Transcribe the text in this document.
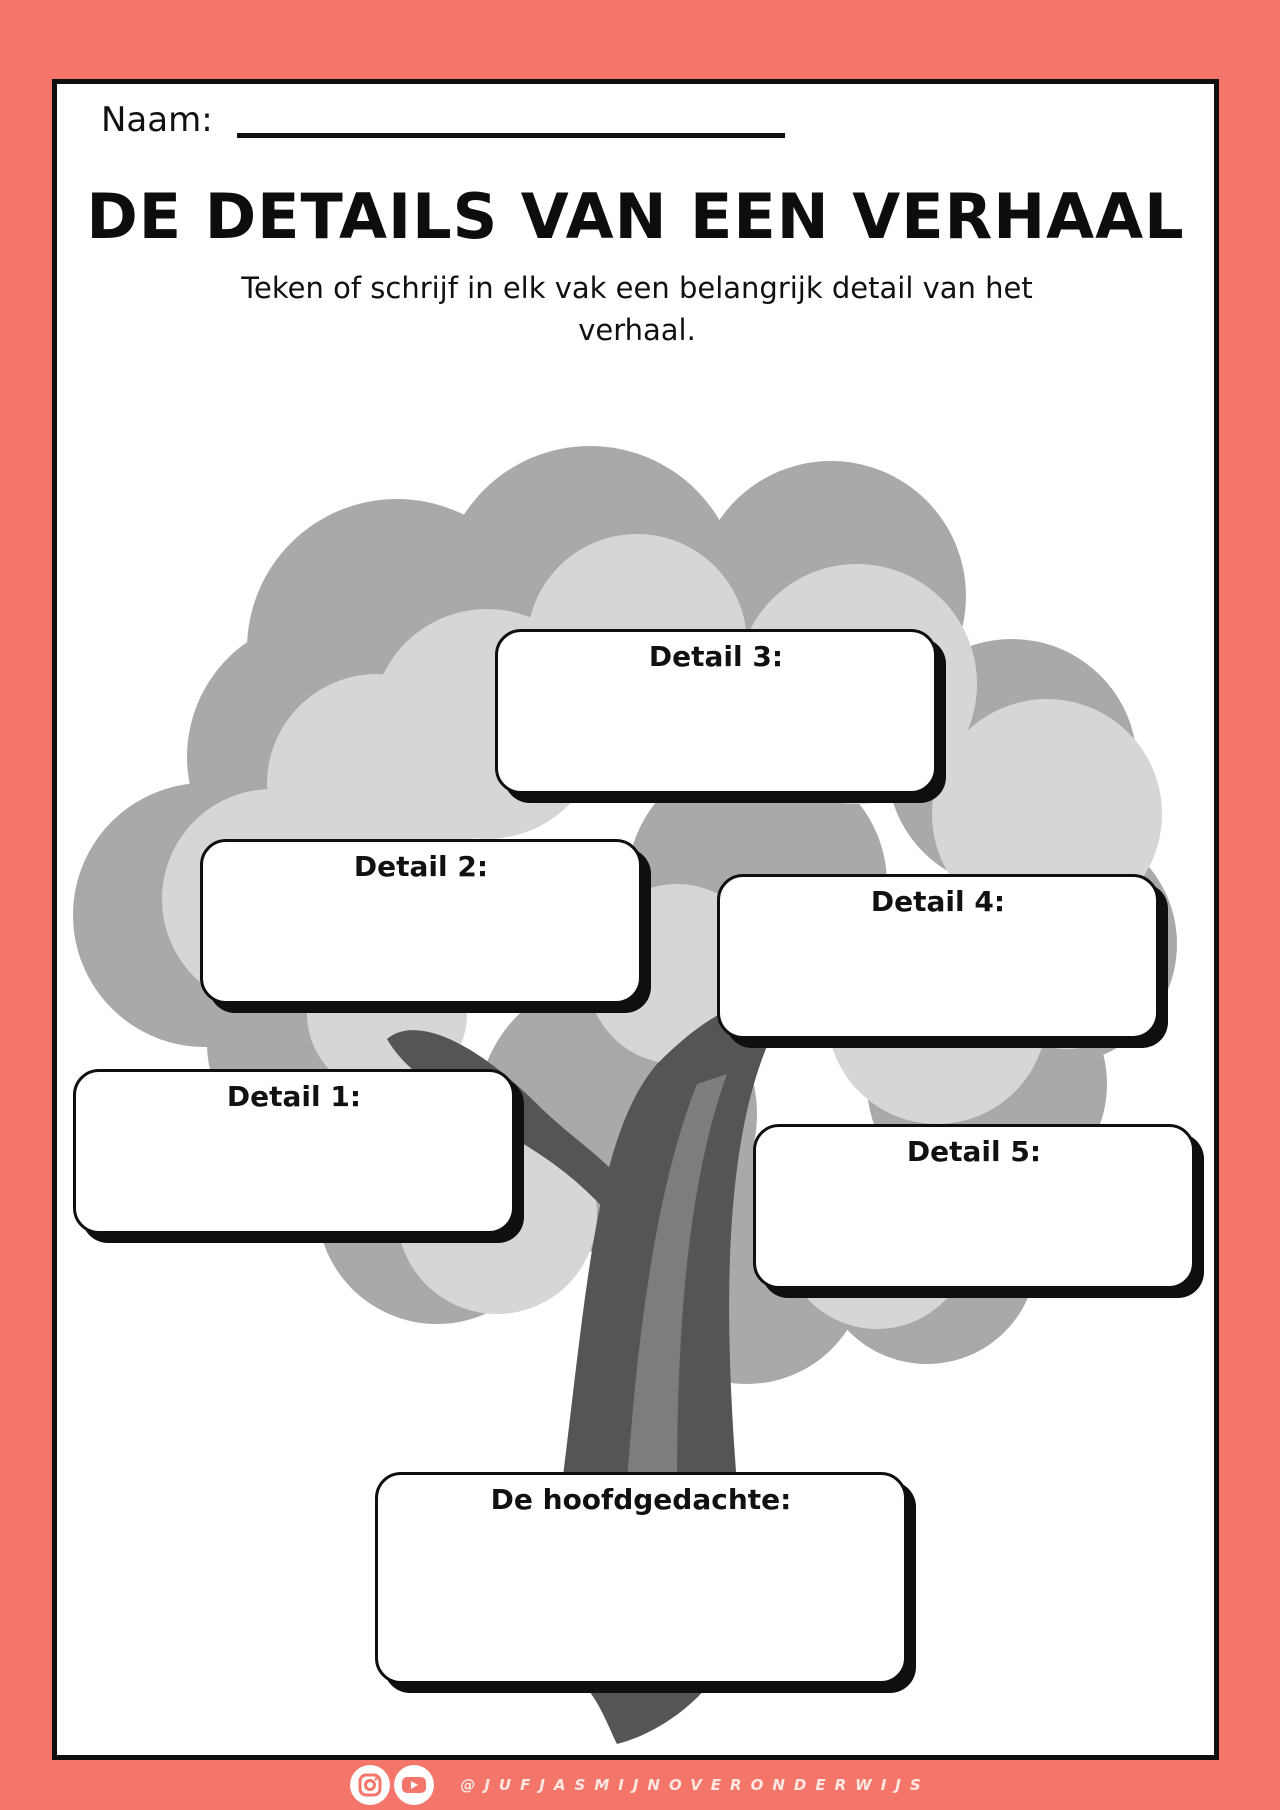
Naam:
DE DETAILS VAN EEN VERHAAL
Teken of schrijf in elk vak een belangrijk detail van het verhaal.
Detail 3:
Detail 2:
Detail 4:
Detail 1:
Detail 5:
De hoofdgedachte:
@JUFJASMIJNOVERONDERWIJS
